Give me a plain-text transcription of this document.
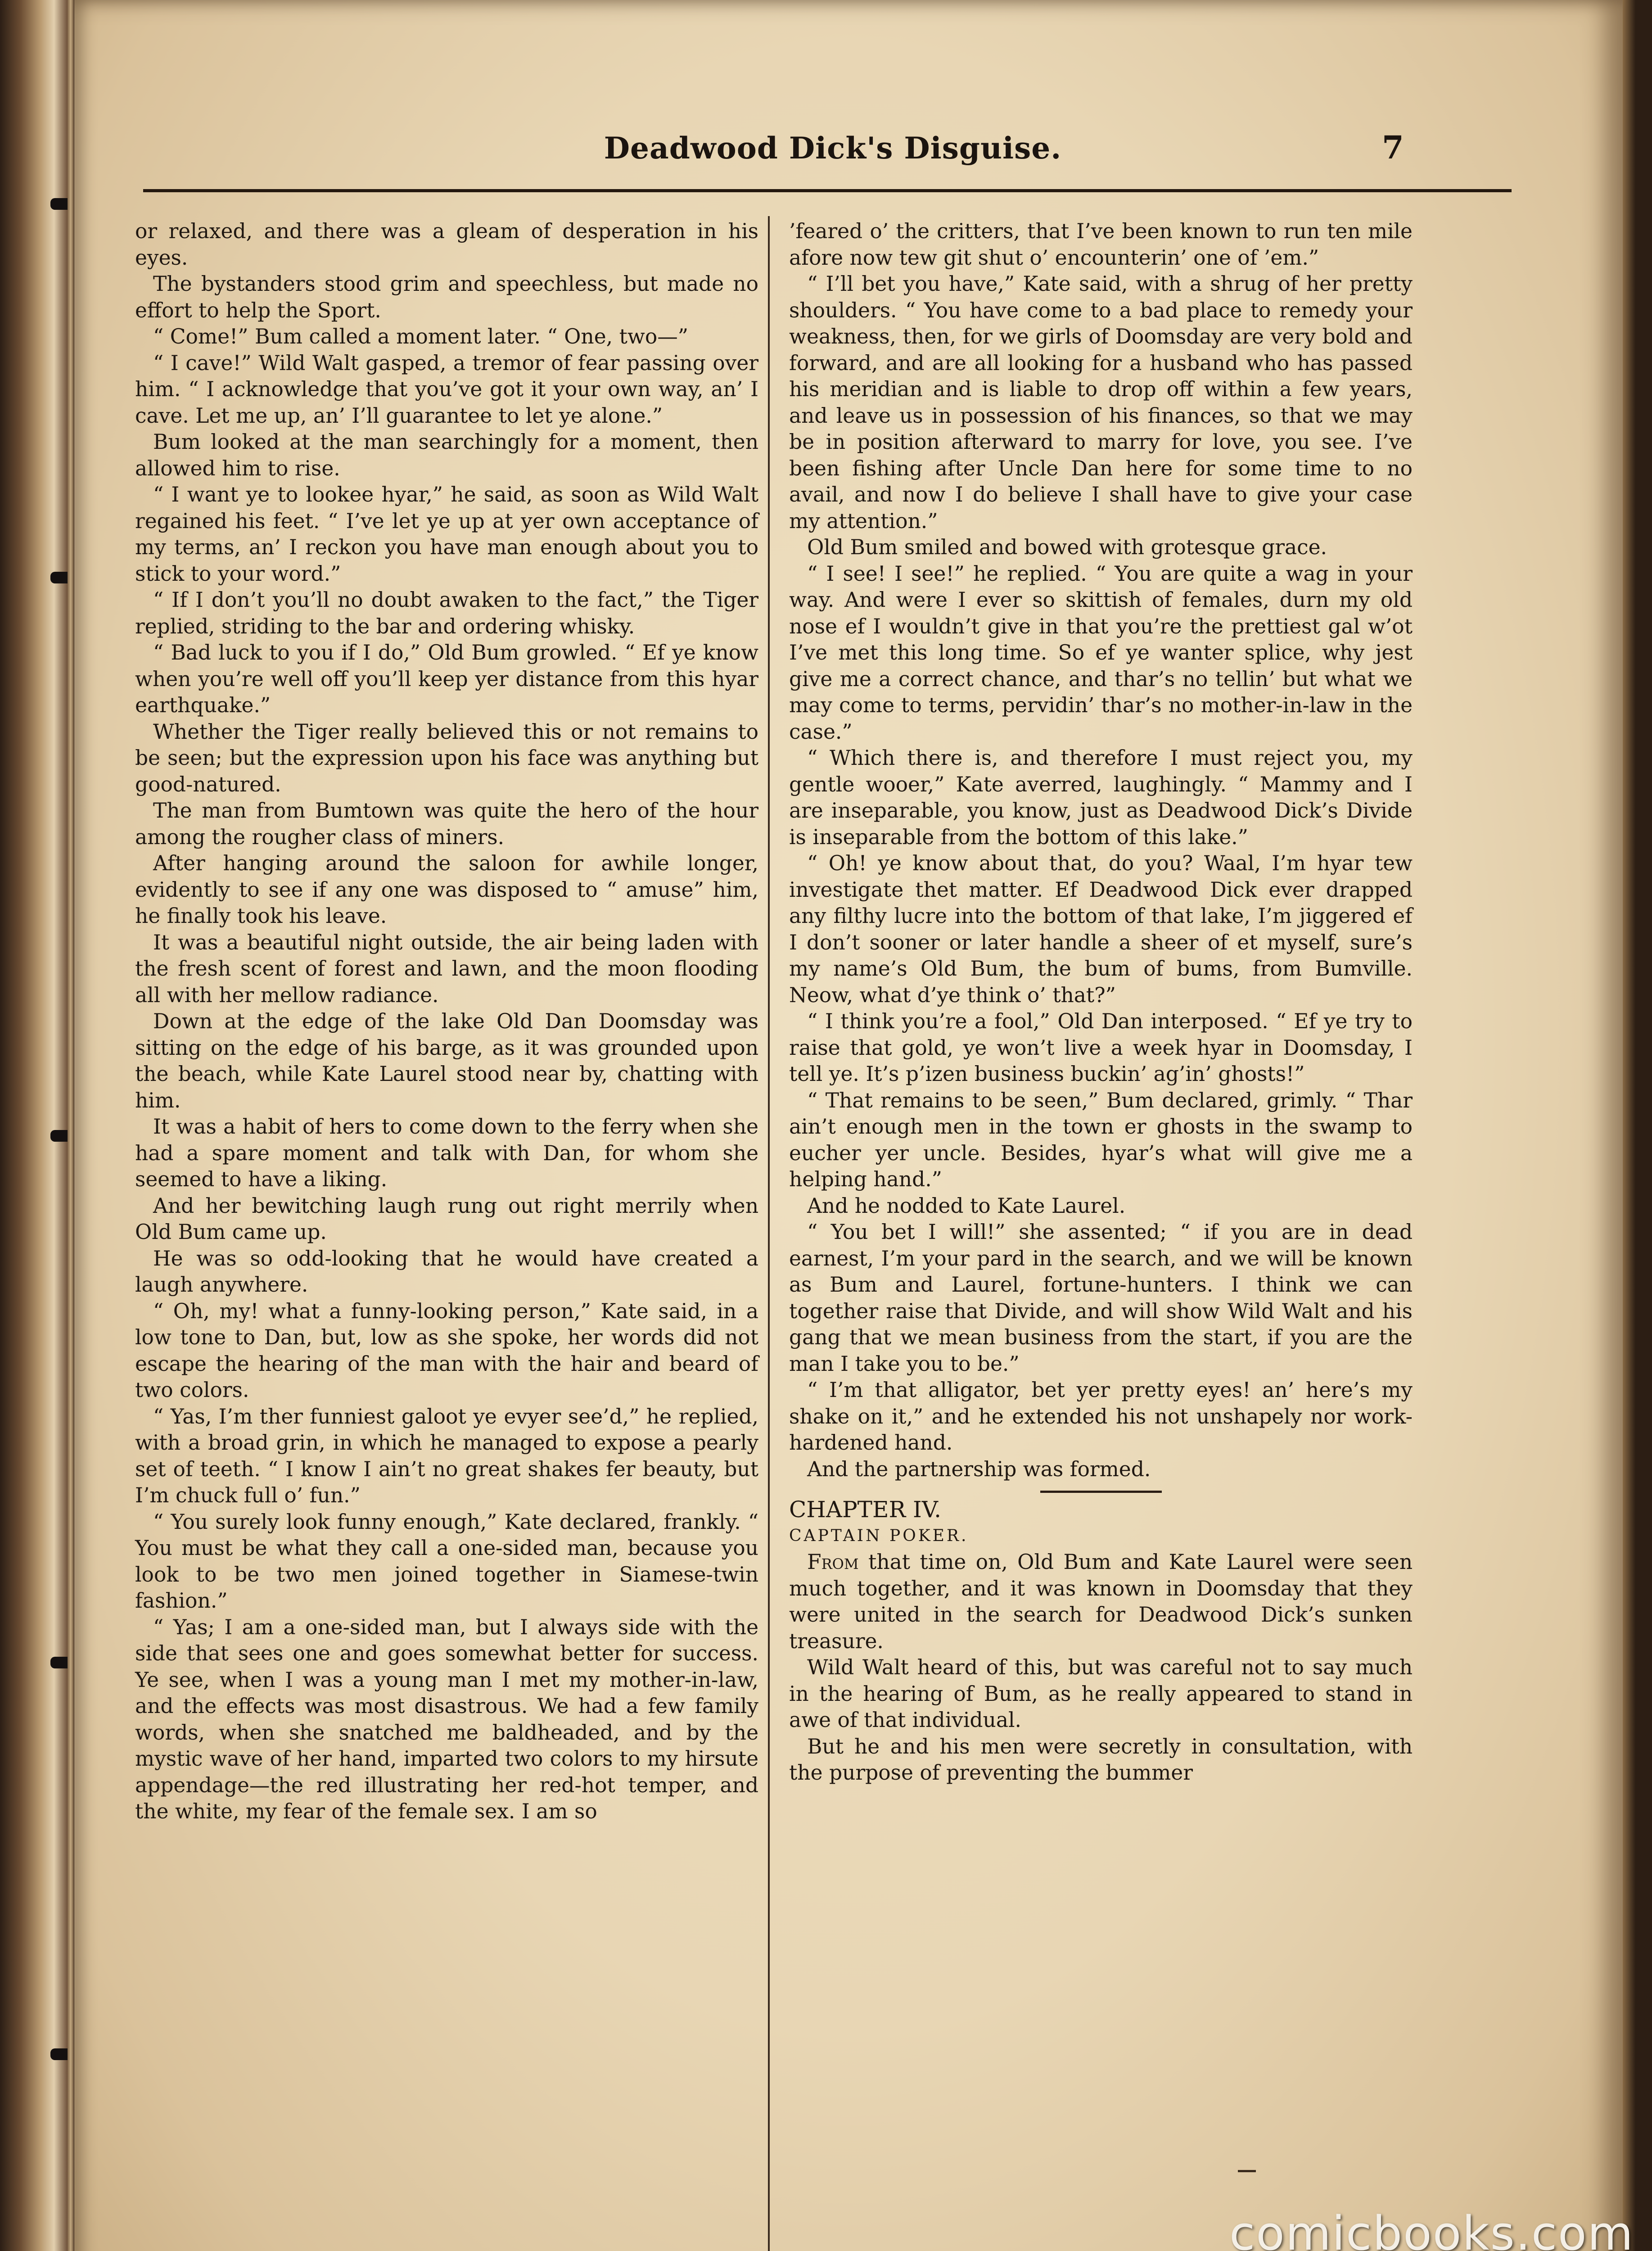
Deadwood Dick's Disguise.	7

or relaxed, and there was a gleam of desperation in his eyes.

The bystanders stood grim and speechless, but made no effort to help the Sport.

“ Come!” Bum called a moment later. “ One, two—”

“ I cave!” Wild Walt gasped, a tremor of fear passing over him. “ I acknowledge that you’ve got it your own way, an’ I cave. Let me up, an’ I’ll guarantee to let ye alone.”

Bum looked at the man searchingly for a moment, then allowed him to rise.

“ I want ye to lookee hyar,” he said, as soon as Wild Walt regained his feet. “ I’ve let ye up at yer own acceptance of my terms, an’ I reckon you have man enough about you to stick to your word.”

“ If I don’t you’ll no doubt awaken to the fact,” the Tiger replied, striding to the bar and ordering whisky.

“ Bad luck to you if I do,” Old Bum growled. “ Ef ye know when you’re well off you’ll keep yer distance from this hyar earthquake.”

Whether the Tiger really believed this or not remains to be seen; but the expression upon his face was anything but good-natured.

The man from Bumtown was quite the hero of the hour among the rougher class of miners.

After hanging around the saloon for awhile longer, evidently to see if any one was disposed to “ amuse” him, he finally took his leave.

It was a beautiful night outside, the air being laden with the fresh scent of forest and lawn, and the moon flooding all with her mellow radiance.

Down at the edge of the lake Old Dan Doomsday was sitting on the edge of his barge, as it was grounded upon the beach, while Kate Laurel stood near by, chatting with him.

It was a habit of hers to come down to the ferry when she had a spare moment and talk with Dan, for whom she seemed to have a liking.

And her bewitching laugh rung out right merrily when Old Bum came up.

He was so odd-looking that he would have created a laugh anywhere.

“ Oh, my! what a funny-looking person,” Kate said, in a low tone to Dan, but, low as she spoke, her words did not escape the hearing of the man with the hair and beard of two colors.

“ Yas, I’m ther funniest galoot ye evyer see’d,” he replied, with a broad grin, in which he managed to expose a pearly set of teeth. “ I know I ain’t no great shakes fer beauty, but I’m chuck full o’ fun.”

“ You surely look funny enough,” Kate declared, frankly. “ You must be what they call a one-sided man, because you look to be two men joined together in Siamese-twin fashion.”

“ Yas; I am a one-sided man, but I always side with the side that sees one and goes somewhat better for success. Ye see, when I was a young man I met my mother-in-law, and the effects was most disastrous. We had a few family words, when she snatched me baldheaded, and by the mystic wave of her hand, imparted two colors to my hirsute appendage—the red illustrating her red-hot temper, and the white, my fear of the female sex. I am so

’feared o’ the critters, that I’ve been known to run ten mile afore now tew git shut o’ encounterin’ one of ’em.”

“ I’ll bet you have,” Kate said, with a shrug of her pretty shoulders. “ You have come to a bad place to remedy your weakness, then, for we girls of Doomsday are very bold and forward, and are all looking for a husband who has passed his meridian and is liable to drop off within a few years, and leave us in possession of his finances, so that we may be in position afterward to marry for love, you see. I’ve been fishing after Uncle Dan here for some time to no avail, and now I do believe I shall have to give your case my attention.”

Old Bum smiled and bowed with grotesque grace.

“ I see! I see!” he replied. “ You are quite a wag in your way. And were I ever so skittish of females, durn my old nose ef I wouldn’t give in that you’re the prettiest gal w’ot I’ve met this long time. So ef ye wanter splice, why jest give me a correct chance, and thar’s no tellin’ but what we may come to terms, pervidin’ thar’s no mother-in-law in the case.”

“ Which there is, and therefore I must reject you, my gentle wooer,” Kate averred, laughingly. “ Mammy and I are inseparable, you know, just as Deadwood Dick’s Divide is inseparable from the bottom of this lake.”

“ Oh! ye know about that, do you? Waal, I’m hyar tew investigate thet matter. Ef Deadwood Dick ever drapped any filthy lucre into the bottom of that lake, I’m jiggered ef I don’t sooner or later handle a sheer of et myself, sure’s my name’s Old Bum, the bum of bums, from Bumville. Neow, what d’ye think o’ that?”

“ I think you’re a fool,” Old Dan interposed. “ Ef ye try to raise that gold, ye won’t live a week hyar in Doomsday, I tell ye. It’s p’izen business buckin’ ag’in’ ghosts!”

“ That remains to be seen,” Bum declared, grimly. “ Thar ain’t enough men in the town er ghosts in the swamp to eucher yer uncle. Besides, hyar’s what will give me a helping hand.”

And he nodded to Kate Laurel.

“ You bet I will!” she assented; “ if you are in dead earnest, I’m your pard in the search, and we will be known as Bum and Laurel, fortune-hunters. I think we can together raise that Divide, and will show Wild Walt and his gang that we mean business from the start, if you are the man I take you to be.”

“ I’m that alligator, bet yer pretty eyes! an’ here’s my shake on it,” and he extended his not unshapely nor work-hardened hand.

And the partnership was formed.

CHAPTER IV.

CAPTAIN POKER.

From that time on, Old Bum and Kate Laurel were seen much together, and it was known in Doomsday that they were united in the search for Deadwood Dick’s sunken treasure.

Wild Walt heard of this, but was careful not to say much in the hearing of Bum, as he really appeared to stand in awe of that individual.

But he and his men were secretly in consultation, with the purpose of preventing the bummer

comicbooks.com
